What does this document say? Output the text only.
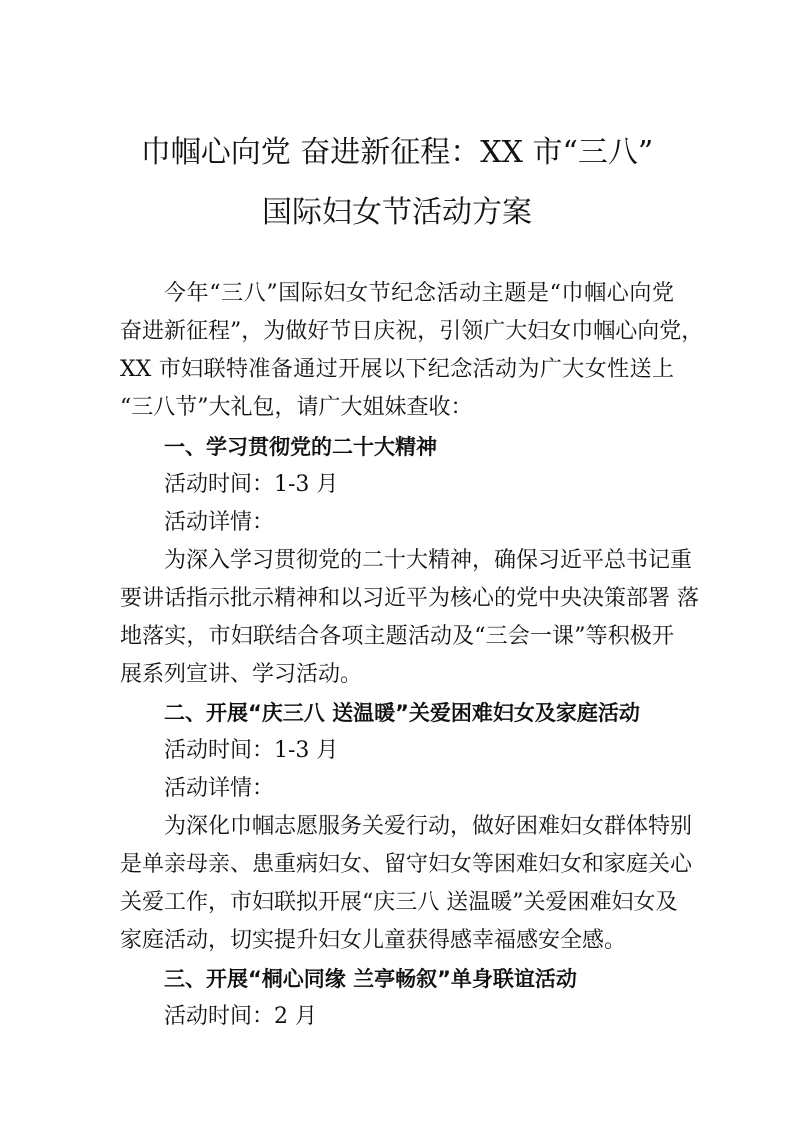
巾帼心向党 奋进新征程：XX 市“三八”
国际妇女节活动方案

今年“三八”国际妇女节纪念活动主题是“巾帼心向党

奋进新征程”，为做好节日庆祝，引领广大妇女巾帼心向党，

XX 市妇联特准备通过开展以下纪念活动为广大女性送上

“三八节”大礼包，请广大姐妹查收：

一、学习贯彻党的二十大精神

活动时间：1-3 月

活动详情：

为深入学习贯彻党的二十大精神，确保习近平总书记重

要讲话指示批示精神和以习近平为核心的党中央决策部署 落

地落实，市妇联结合各项主题活动及“三会一课”等积极开

展系列宣讲、学习活动。

二、开展“庆三八 送温暖”关爱困难妇女及家庭活动

活动时间：1-3 月

活动详情：

为深化巾帼志愿服务关爱行动，做好困难妇女群体特别

是单亲母亲、患重病妇女、留守妇女等困难妇女和家庭关心

关爱工作，市妇联拟开展“庆三八 送温暖”关爱困难妇女及

家庭活动，切实提升妇女儿童获得感幸福感安全感。

三、开展“桐心同缘 兰亭畅叙”单身联谊活动

活动时间：2 月
